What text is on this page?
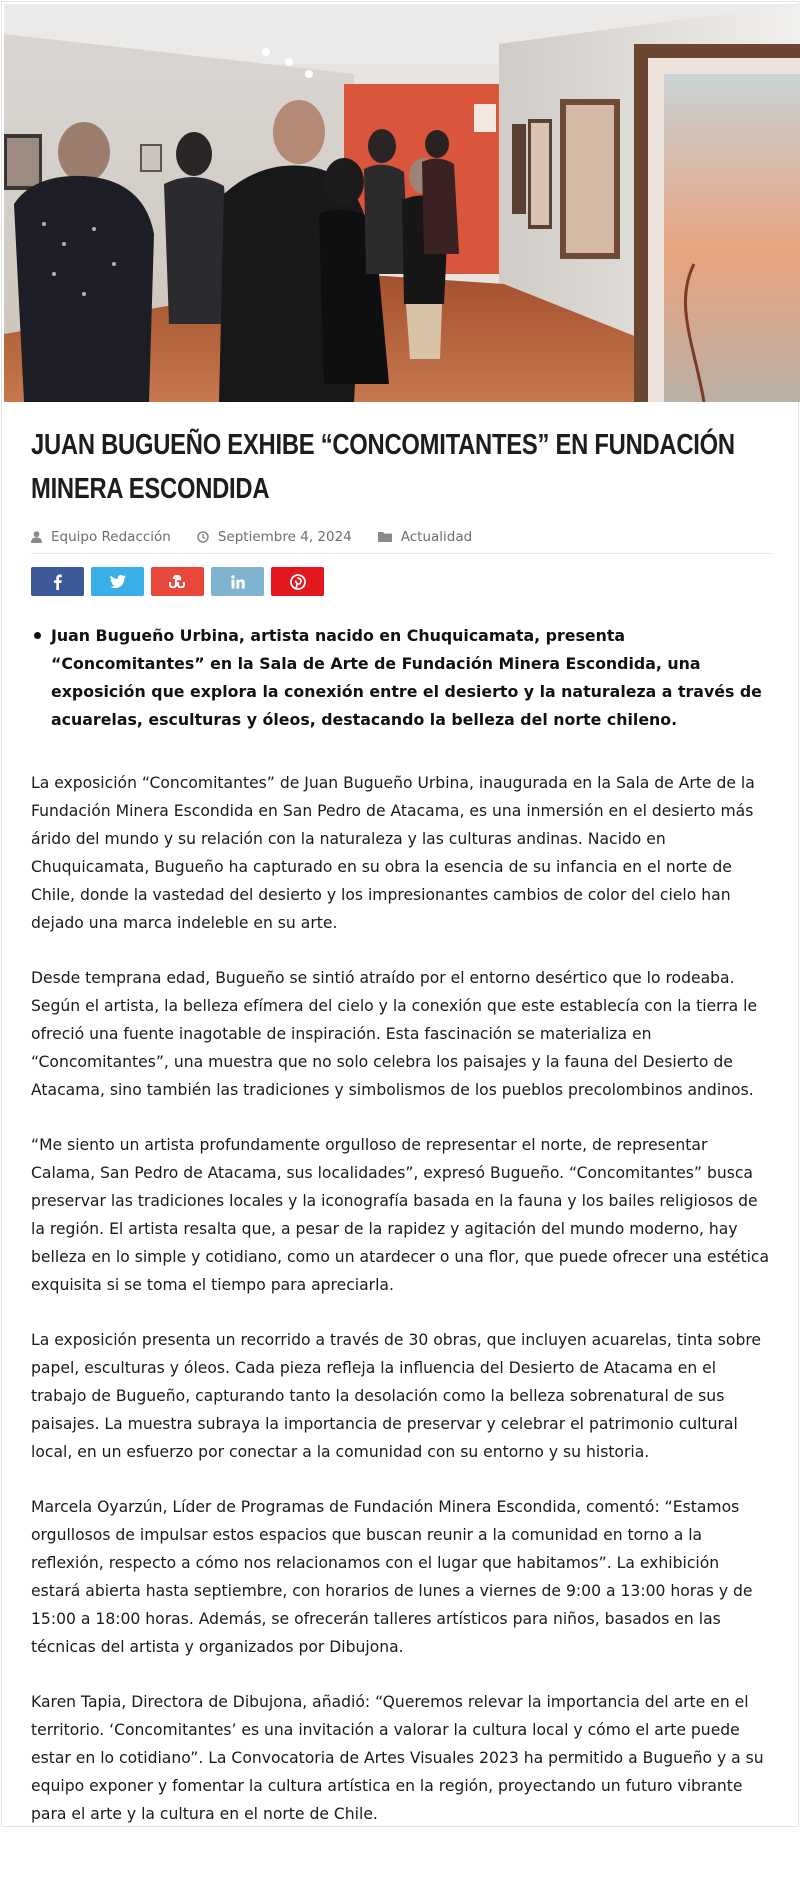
JUAN BUGUEÑO EXHIBE “CONCOMITANTES” EN FUNDACIÓN MINERA ESCONDIDA
Equipo Redacción	Septiembre 4, 2024	Actualidad

Juan Bugueño Urbina, artista nacido en Chuquicamata, presenta “Concomitantes” en la Sala de Arte de Fundación Minera Escondida, una exposición que explora la conexión entre el desierto y la naturaleza a través de acuarelas, esculturas y óleos, destacando la belleza del norte chileno.

La exposición “Concomitantes” de Juan Bugueño Urbina, inaugurada en la Sala de Arte de la Fundación Minera Escondida en San Pedro de Atacama, es una inmersión en el desierto más árido del mundo y su relación con la naturaleza y las culturas andinas. Nacido en Chuquicamata, Bugueño ha capturado en su obra la esencia de su infancia en el norte de Chile, donde la vastedad del desierto y los impresionantes cambios de color del cielo han dejado una marca indeleble en su arte.

Desde temprana edad, Bugueño se sintió atraído por el entorno desértico que lo rodeaba. Según el artista, la belleza efímera del cielo y la conexión que este establecía con la tierra le ofreció una fuente inagotable de inspiración. Esta fascinación se materializa en “Concomitantes”, una muestra que no solo celebra los paisajes y la fauna del Desierto de Atacama, sino también las tradiciones y simbolismos de los pueblos precolombinos andinos.

“Me siento un artista profundamente orgulloso de representar el norte, de representar Calama, San Pedro de Atacama, sus localidades”, expresó Bugueño. “Concomitantes” busca preservar las tradiciones locales y la iconografía basada en la fauna y los bailes religiosos de la región. El artista resalta que, a pesar de la rapidez y agitación del mundo moderno, hay belleza en lo simple y cotidiano, como un atardecer o una flor, que puede ofrecer una estética exquisita si se toma el tiempo para apreciarla.

La exposición presenta un recorrido a través de 30 obras, que incluyen acuarelas, tinta sobre papel, esculturas y óleos. Cada pieza refleja la influencia del Desierto de Atacama en el trabajo de Bugueño, capturando tanto la desolación como la belleza sobrenatural de sus paisajes. La muestra subraya la importancia de preservar y celebrar el patrimonio cultural local, en un esfuerzo por conectar a la comunidad con su entorno y su historia.

Marcela Oyarzún, Líder de Programas de Fundación Minera Escondida, comentó: “Estamos orgullosos de impulsar estos espacios que buscan reunir a la comunidad en torno a la reflexión, respecto a cómo nos relacionamos con el lugar que habitamos”. La exhibición estará abierta hasta septiembre, con horarios de lunes a viernes de 9:00 a 13:00 horas y de 15:00 a 18:00 horas. Además, se ofrecerán talleres artísticos para niños, basados en las técnicas del artista y organizados por Dibujona.

Karen Tapia, Directora de Dibujona, añadió: “Queremos relevar la importancia del arte en el territorio. ‘Concomitantes’ es una invitación a valorar la cultura local y cómo el arte puede estar en lo cotidiano”. La Convocatoria de Artes Visuales 2023 ha permitido a Bugueño y a su equipo exponer y fomentar la cultura artística en la región, proyectando un futuro vibrante para el arte y la cultura en el norte de Chile.
